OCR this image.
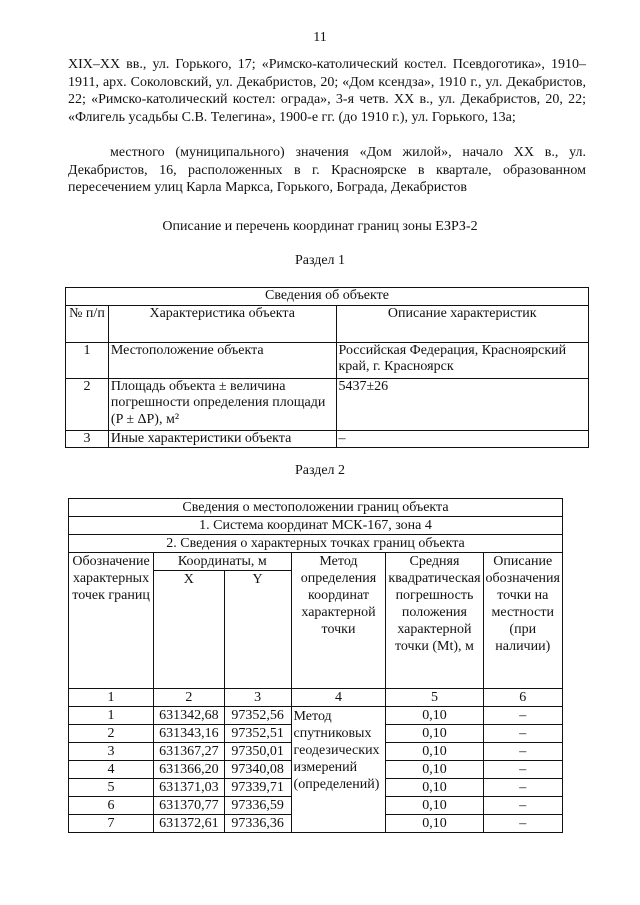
11

XIX–XX вв., ул. Горького, 17; «Римско-католический костел. Псевдоготика», 1910–1911, арх. Соколовский, ул. Декабристов, 20; «Дом ксендза», 1910 г., ул. Декабристов, 22; «Римско-католический костел: ограда», 3-я четв. XX в., ул. Декабристов, 20, 22; «Флигель усадьбы С.В. Телегина», 1900-е гг. (до 1910 г.), ул. Горького, 13а;

местного (муниципального) значения «Дом жилой», начало XX в., ул. Декабристов, 16, расположенных в г. Красноярске в квартале, образованном пересечением улиц Карла Маркса, Горького, Бограда, Декабристов

Описание и перечень координат границ зоны ЕЗРЗ-2
Раздел 1
Сведения об объекте		
№ п/п	Характеристика объекта	Описание характеристик
1	Местоположение объекта	Российская Федерация, Красноярский край, г. Красноярск
2	Площадь объекта ± величина погрешности определения площади (P ± ΔP), м²	5437±26
3	Иные характеристики объекта	–
Раздел 2
Сведения о местоположении границ объекта					
1. Система координат МСК-167, зона 4					
2. Сведения о характерных точках границ объекта					
Обозначение характерных точек границ	Координаты, м		Метод определения координат характерной точки	Средняя квадратическая погрешность положения характерной точки (Mt), м	Описание обозначения точки на местности (при наличии)
	X	Y			
1	2	3	4	5	6
1	631342,68	97352,56	Метод спутниковых геодезических измерений (определений)	0,10	–
2	631343,16	97352,51		0,10	–
3	631367,27	97350,01		0,10	–
4	631366,20	97340,08		0,10	–
5	631371,03	97339,71		0,10	–
6	631370,77	97336,59		0,10	–
7	631372,61	97336,36		0,10	–
